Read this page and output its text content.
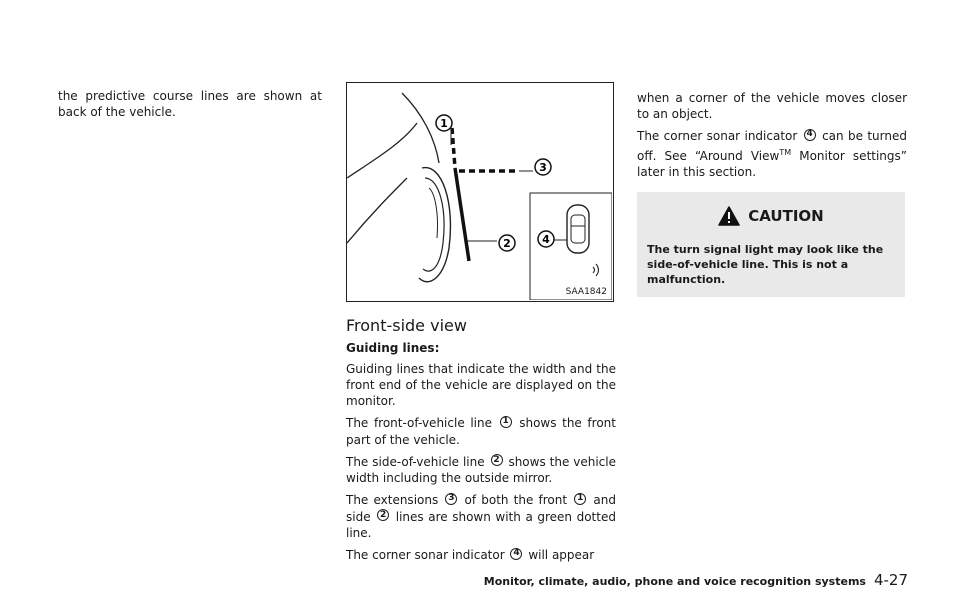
the predictive course lines are shown at back of the vehicle.

1
2
3
4
SAA1842
Front-side view
Guiding lines:

Guiding lines that indicate the width and the front end of the vehicle are displayed on the monitor.

The front-of-vehicle line 1 shows the front part of the vehicle.

The side-of-vehicle line 2 shows the vehicle width including the outside mirror.

The extensions 3 of both the front 1 and side 2 lines are shown with a green dotted line.

The corner sonar indicator 4 will appear

when a corner of the vehicle moves closer to an object.

The corner sonar indicator 4 can be turned off. See “Around View™ Monitor settings” later in this section.

CAUTION
The turn signal light may look like the side-of-vehicle line. This is not a malfunction.
Monitor, climate, audio, phone and voice recognition systems 4-27
